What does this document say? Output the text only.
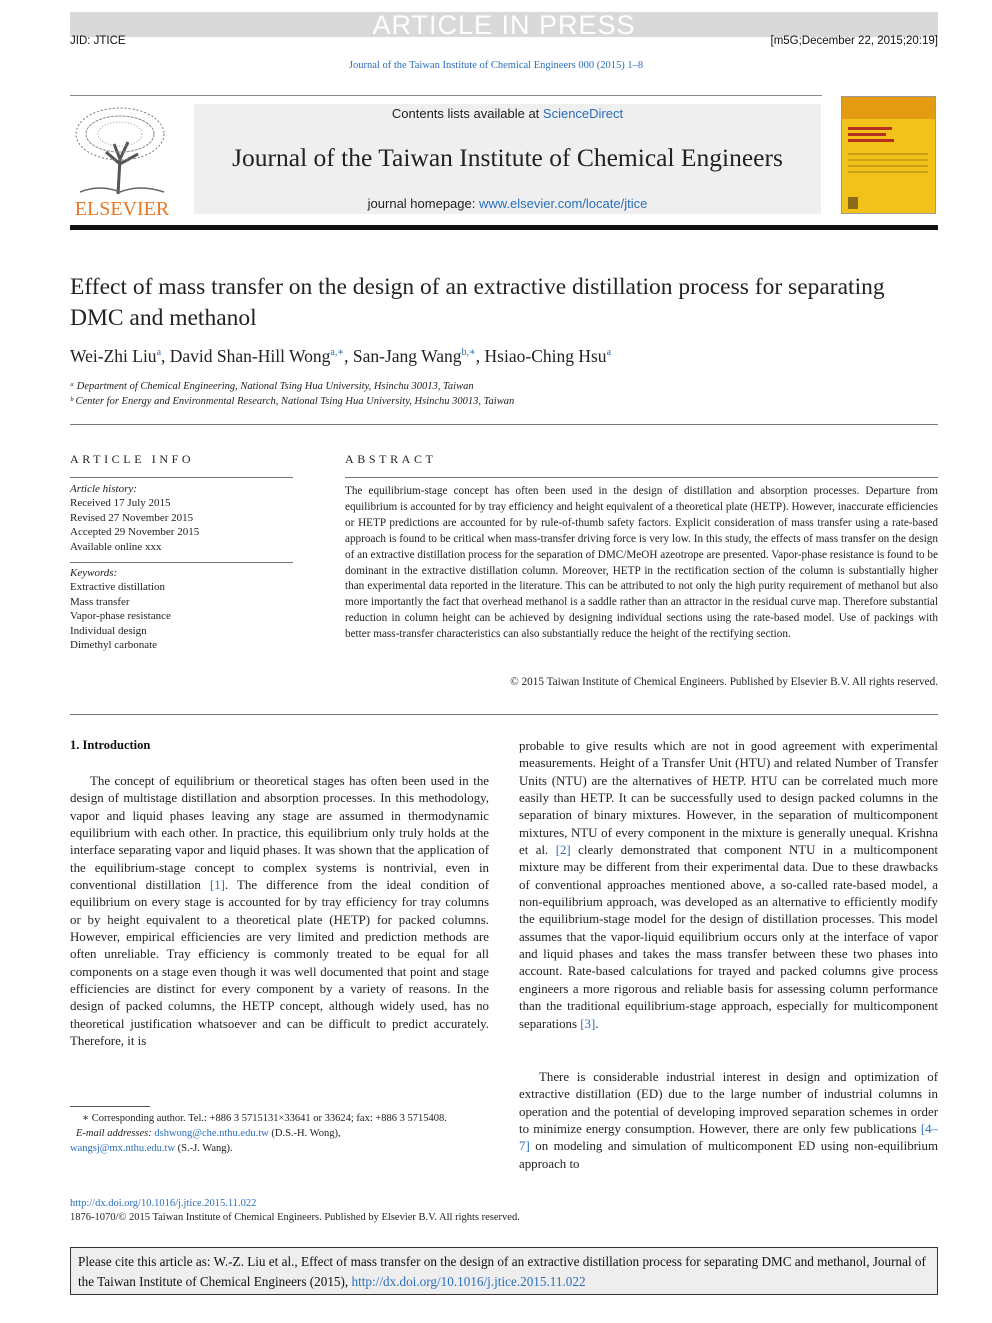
ARTICLE IN PRESS
JID: JTICE	[m5G;December 22, 2015;20:19]
Journal of the Taiwan Institute of Chemical Engineers 000 (2015) 1–8
ELSEVIER
Contents lists available at ScienceDirect
Journal of the Taiwan Institute of Chemical Engineers
journal homepage: www.elsevier.com/locate/jtice
Effect of mass transfer on the design of an extractive distillation process for separating DMC and methanol
Wei-Zhi Liu$^a$, David Shan-Hill Wong$^{a,∗}$, San-Jang Wang$^{b,∗}$, Hsiao-Ching Hsu$^a$
ᵃ Department of Chemical Engineering, National Tsing Hua University, Hsinchu 30013, Taiwan
ᵇ Center for Energy and Environmental Research, National Tsing Hua University, Hsinchu 30013, Taiwan
ARTICLE INFO	ABSTRACT
Article history:
Received 17 July 2015
Revised 27 November 2015
Accepted 29 November 2015
Available online xxx
Keywords:
Extractive distillation
Mass transfer
Vapor-phase resistance
Individual design
Dimethyl carbonate
The equilibrium-stage concept has often been used in the design of distillation and absorption processes. Departure from equilibrium is accounted for by tray efficiency and height equivalent of a theoretical plate (HETP). However, inaccurate efficiencies or HETP predictions are accounted for by rule-of-thumb safety factors. Explicit consideration of mass transfer using a rate-based approach is found to be critical when mass-transfer driving force is very low. In this study, the effects of mass transfer on the design of an extractive distillation process for the separation of DMC/MeOH azeotrope are presented. Vapor-phase resistance is found to be dominant in the extractive distillation column. Moreover, HETP in the rectification section of the column is substantially higher than experimental data reported in the literature. This can be attributed to not only the high purity requirement of methanol but also more importantly the fact that overhead methanol is a saddle rather than an attractor in the residual curve map. Therefore substantial reduction in column height can be achieved by designing individual sections using the rate-based model. Use of packings with better mass-transfer characteristics can also substantially reduce the height of the rectifying section.
© 2015 Taiwan Institute of Chemical Engineers. Published by Elsevier B.V. All rights reserved.
1. Introduction
The concept of equilibrium or theoretical stages has often been used in the design of multistage distillation and absorption processes. In this methodology, vapor and liquid phases leaving any stage are assumed in thermodynamic equilibrium with each other. In practice, this equilibrium only truly holds at the interface separating vapor and liquid phases. It was shown that the application of the equilibrium-stage concept to complex systems is nontrivial, even in conventional distillation [1]. The difference from the ideal condition of equilibrium on every stage is accounted for by tray efficiency for tray columns or by height equivalent to a theoretical plate (HETP) for packed columns. However, empirical efficiencies are very limited and prediction methods are often unreliable. Tray efficiency is commonly treated to be equal for all components on a stage even though it was well documented that point and stage efficiencies are distinct for every component by a variety of reasons. In the design of packed columns, the HETP concept, although widely used, has no theoretical justification whatsoever and can be difficult to predict accurately. Therefore, it is
probable to give results which are not in good agreement with experimental measurements. Height of a Transfer Unit (HTU) and related Number of Transfer Units (NTU) are the alternatives of HETP. HTU can be correlated much more easily than HETP. It can be successfully used to design packed columns in the separation of binary mixtures. However, in the separation of multicomponent mixtures, NTU of every component in the mixture is generally unequal. Krishna et al. [2] clearly demonstrated that component NTU in a multicomponent mixture may be different from their experimental data. Due to these drawbacks of conventional approaches mentioned above, a so-called rate-based model, a non-equilibrium approach, was developed as an alternative to efficiently modify the equilibrium-stage model for the design of distillation processes. This model assumes that the vapor-liquid equilibrium occurs only at the interface of vapor and liquid phases and takes the mass transfer between these two phases into account. Rate-based calculations for trayed and packed columns give process engineers a more rigorous and reliable basis for assessing column performance than the traditional equilibrium-stage approach, especially for multicomponent separations [3].
There is considerable industrial interest in design and optimization of extractive distillation (ED) due to the large number of industrial columns in operation and the potential of developing improved separation schemes in order to minimize energy consumption. However, there are only few publications [4–7] on modeling and simulation of multicomponent ED using non-equilibrium approach to
∗ Corresponding author. Tel.: +886 3 5715131×33641 or 33624; fax: +886 3 5715408.
E-mail addresses: dshwong@che.nthu.edu.tw (D.S.-H. Wong),
wangsj@mx.nthu.edu.tw (S.-J. Wang).
http://dx.doi.org/10.1016/j.jtice.2015.11.022
1876-1070/© 2015 Taiwan Institute of Chemical Engineers. Published by Elsevier B.V. All rights reserved.
Please cite this article as: W.-Z. Liu et al., Effect of mass transfer on the design of an extractive distillation process for separating DMC and methanol, Journal of the Taiwan Institute of Chemical Engineers (2015), http://dx.doi.org/10.1016/j.jtice.2015.11.022
